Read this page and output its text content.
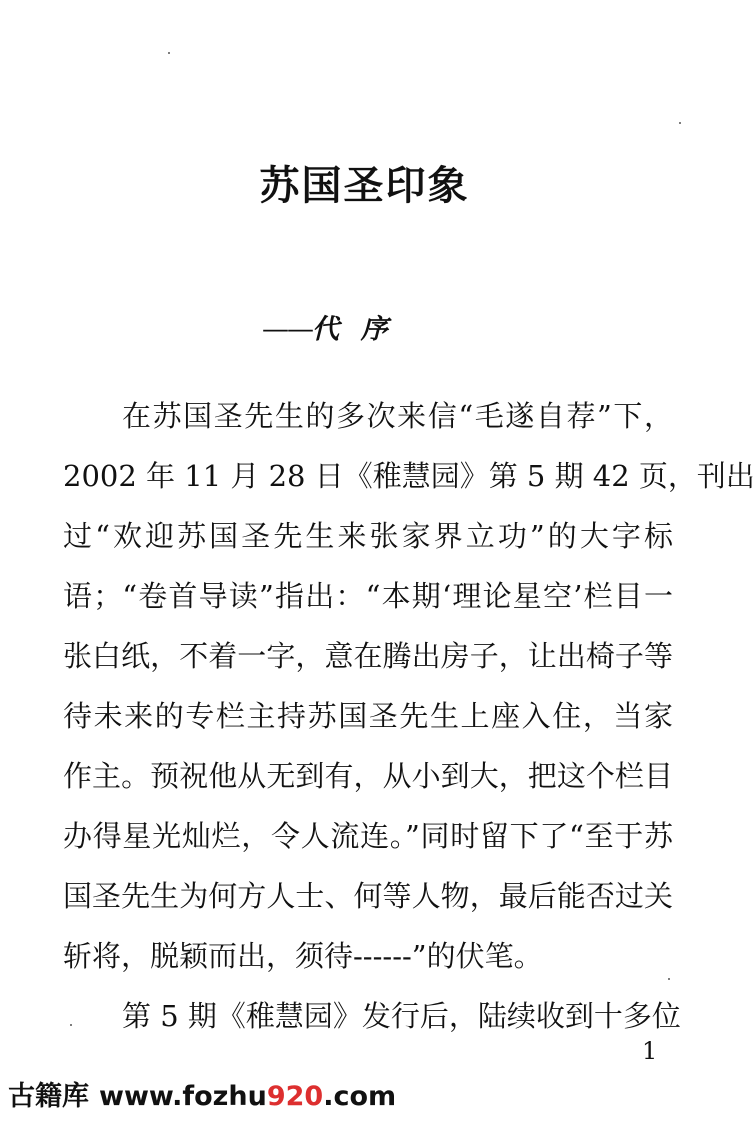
苏国圣印象
——代  序
在苏国圣先生的多次来信“毛遂自荐”下，
2002 年 11 月 28 日《稚慧园》第 5 期 42 页，刊出
过“欢迎苏国圣先生来张家界立功”的大字标
语；“卷首导读”指出：“本期‘理论星空’栏目一
张白纸，不着一字，意在腾出房子，让出椅子等
待未来的专栏主持苏国圣先生上座入住，当家
作主。预祝他从无到有，从小到大，把这个栏目
办得星光灿烂，令人流连。”同时留下了“至于苏
国圣先生为何方人士、何等人物，最后能否过关
斩将，脱颖而出，须待------”的伏笔。
第 5 期《稚慧园》发行后，陆续收到十多位
1
古籍库 www.fozhu920.com
